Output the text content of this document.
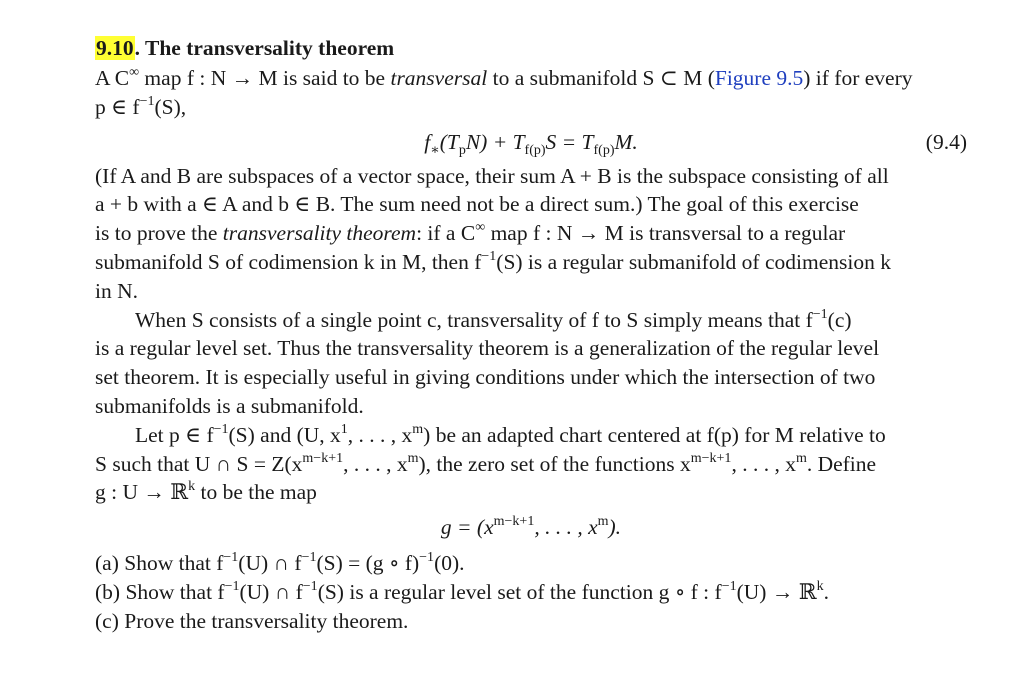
9.10. The transversality theorem
A C∞ map f : N → M is said to be transversal to a submanifold S ⊂ M (Figure 9.5) if for every
p ∈ $f^{-1}(S)$,
$f_∗(T_pN) + T_{f(p)}S = T_{f(p)}M$.	(9.4)
(If A and B are subspaces of a vector space, their sum A + B is the subspace consisting of all
a + b with a ∈ A and b ∈ B. The sum need not be a direct sum.) The goal of this exercise
is to prove the transversality theorem: if a C∞ map f : N → M is transversal to a regular
submanifold S of codimension k in M, then $f^{-1}(S)$ is a regular submanifold of codimension k
in N.
When S consists of a single point c, transversality of f to S simply means that $f^{-1}(c)$
is a regular level set. Thus the transversality theorem is a generalization of the regular level
set theorem. It is especially useful in giving conditions under which the intersection of two
submanifolds is a submanifold.
Let p ∈ $f^{-1}(S)$ and (U, $x^1$, . . . , $x^m$) be an adapted chart centered at f(p) for M relative to
S such that U ∩ $S = Z(x^{m-k+1}$, . . . , $x^m$), the zero set of the functions $x^{m-k+1}$, . . . , $x^m$. Define
g : U → ℝ$^k$ to be the map
$g = (x^{m-k+1}$, . . . , $x^m$).
(a) Show that $f^{-1}(U)$ ∩ $f^{-1}(S) = (g$ ∘ f)$^{-1}$(0).
(b) Show that $f^{-1}(U)$ ∩ $f^{-1}(S)$ is a regular level set of the function g ∘ f : $f^{-1}(U)$ → ℝ$^k$.
(c) Prove the transversality theorem.
